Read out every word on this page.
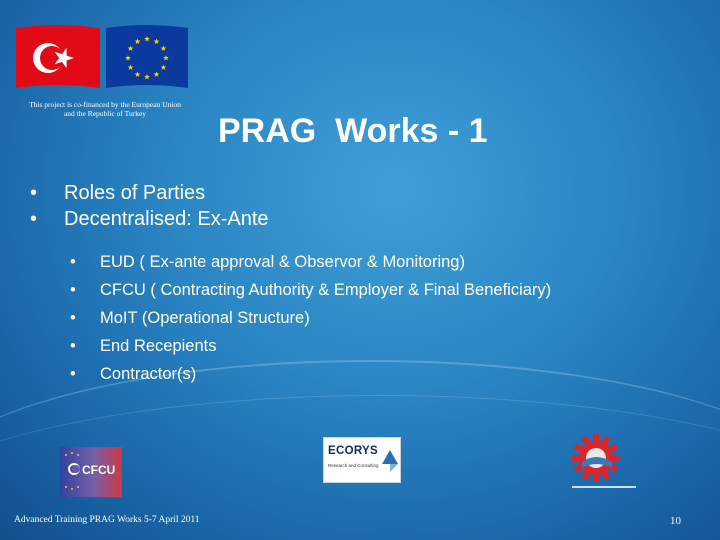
This project is co-financed by the European Union
and the Republic of Turkey	PRAG  Works - 1
•	Roles of Parties
•	Decentralised: Ex-Ante
•	EUD ( Ex-ante approval & Observor & Monitoring)
•	CFCU ( Contracting Authority & Employer & Final Beneficiary)
•	MoIT (Operational Structure)
•	End Recepients
•	Contractor(s)
CFCU
ECORYS
Research and Consulting
Advanced Training PRAG Works 5-7 April 2011	10
